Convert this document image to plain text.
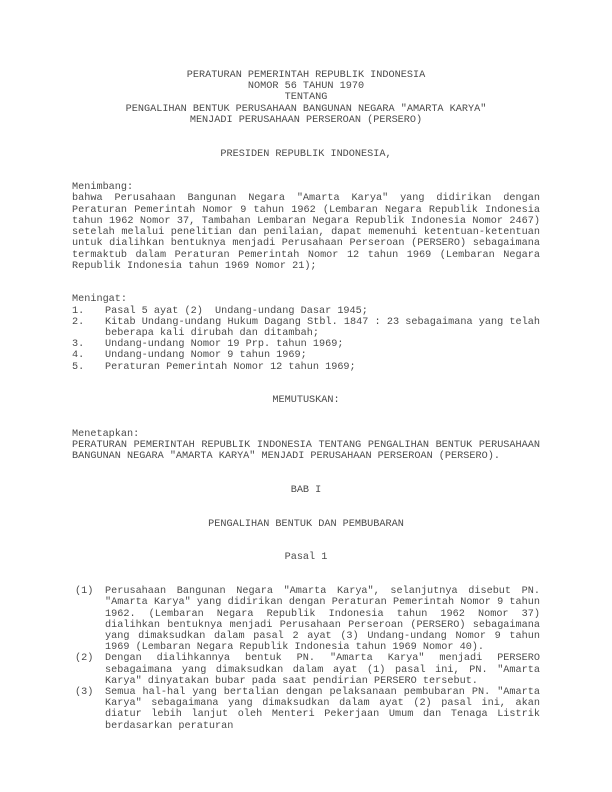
PERATURAN PEMERINTAH REPUBLIK INDONESIA
NOMOR 56 TAHUN 1970
TENTANG
PENGALIHAN BENTUK PERUSAHAAN BANGUNAN NEGARA "AMARTA KARYA"
MENJADI PERUSAHAAN PERSEROAN (PERSERO)
PRESIDEN REPUBLIK INDONESIA,
Menimbang:
bahwa Perusahaan Bangunan Negara "Amarta Karya" yang didirikan dengan Peraturan Pemerintah Nomor 9 tahun 1962 (Lembaran Negara Republik Indonesia tahun 1962 Nomor 37, Tambahan Lembaran Negara Republik Indonesia Nomor 2467) setelah melalui penelitian dan penilaian, dapat memenuhi ketentuan-ketentuan untuk dialihkan bentuknya menjadi Perusahaan Perseroan (PERSERO) sebagaimana termaktub dalam Peraturan Pemerintah Nomor 12 tahun 1969 (Lembaran Negara Republik Indonesia tahun 1969 Nomor 21);
Meningat:
1. Pasal 5 ayat (2)  Undang-undang Dasar 1945;
2. Kitab Undang-undang Hukum Dagang Stbl. 1847 : 23 sebagaimana yang telah beberapa kali dirubah dan ditambah;
3. Undang-undang Nomor 19 Prp. tahun 1969;
4. Undang-undang Nomor 9 tahun 1969;
5. Peraturan Pemerintah Nomor 12 tahun 1969;
MEMUTUSKAN:
Menetapkan:
PERATURAN PEMERINTAH REPUBLIK INDONESIA TENTANG PENGALIHAN BENTUK PERUSAHAAN BANGUNAN NEGARA "AMARTA KARYA" MENJADI PERUSAHAAN PERSEROAN (PERSERO).
BAB I
PENGALIHAN BENTUK DAN PEMBUBARAN
Pasal 1
(1) Perusahaan Bangunan Negara "Amarta Karya", selanjutnya disebut PN. "Amarta Karya" yang didirikan dengan Peraturan Pemerintah Nomor 9 tahun 1962. (Lembaran Negara Republik Indonesia tahun 1962 Nomor 37) dialihkan bentuknya menjadi Perusahaan Perseroan (PERSERO) sebagaimana yang dimaksudkan dalam pasal 2 ayat (3) Undang-undang Nomor 9 tahun 1969 (Lembaran Negara Republik Indonesia tahun 1969 Nomor 40).
(2) Dengan dialihkannya bentuk PN. "Amarta Karya" menjadi PERSERO sebagaimana yang dimaksudkan dalam ayat (1) pasal ini, PN. "Amarta Karya" dinyatakan bubar pada saat pendirian PERSERO tersebut.
(3) Semua hal-hal yang bertalian dengan pelaksanaan pembubaran PN. "Amarta Karya" sebagaimana yang dimaksudkan dalam ayat (2) pasal ini, akan diatur lebih lanjut oleh Menteri Pekerjaan Umum dan Tenaga Listrik berdasarkan peraturan
